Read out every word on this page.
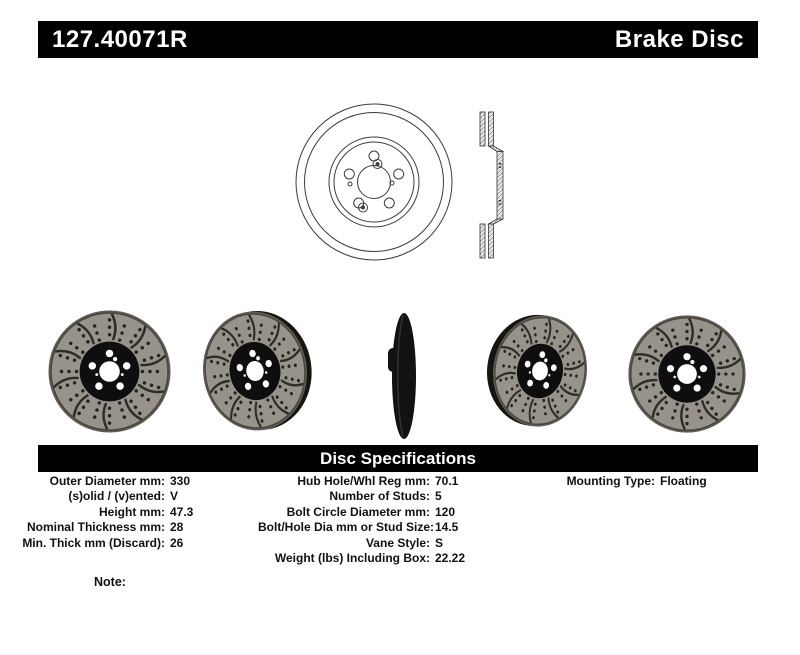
127.40071R	Brake Disc
Disc Specifications
Outer Diameter mm: 330
(s)olid / (v)ented: V
Height mm: 47.3
Nominal Thickness mm: 28
Min. Thick mm (Discard): 26
Hub Hole/Whl Reg mm: 70.1
Number of Studs: 5
Bolt Circle Diameter mm: 120
Bolt/Hole Dia mm or Stud Size: 14.5
Vane Style: S
Weight (lbs) Including Box: 22.22
Mounting Type: Floating
Note:
